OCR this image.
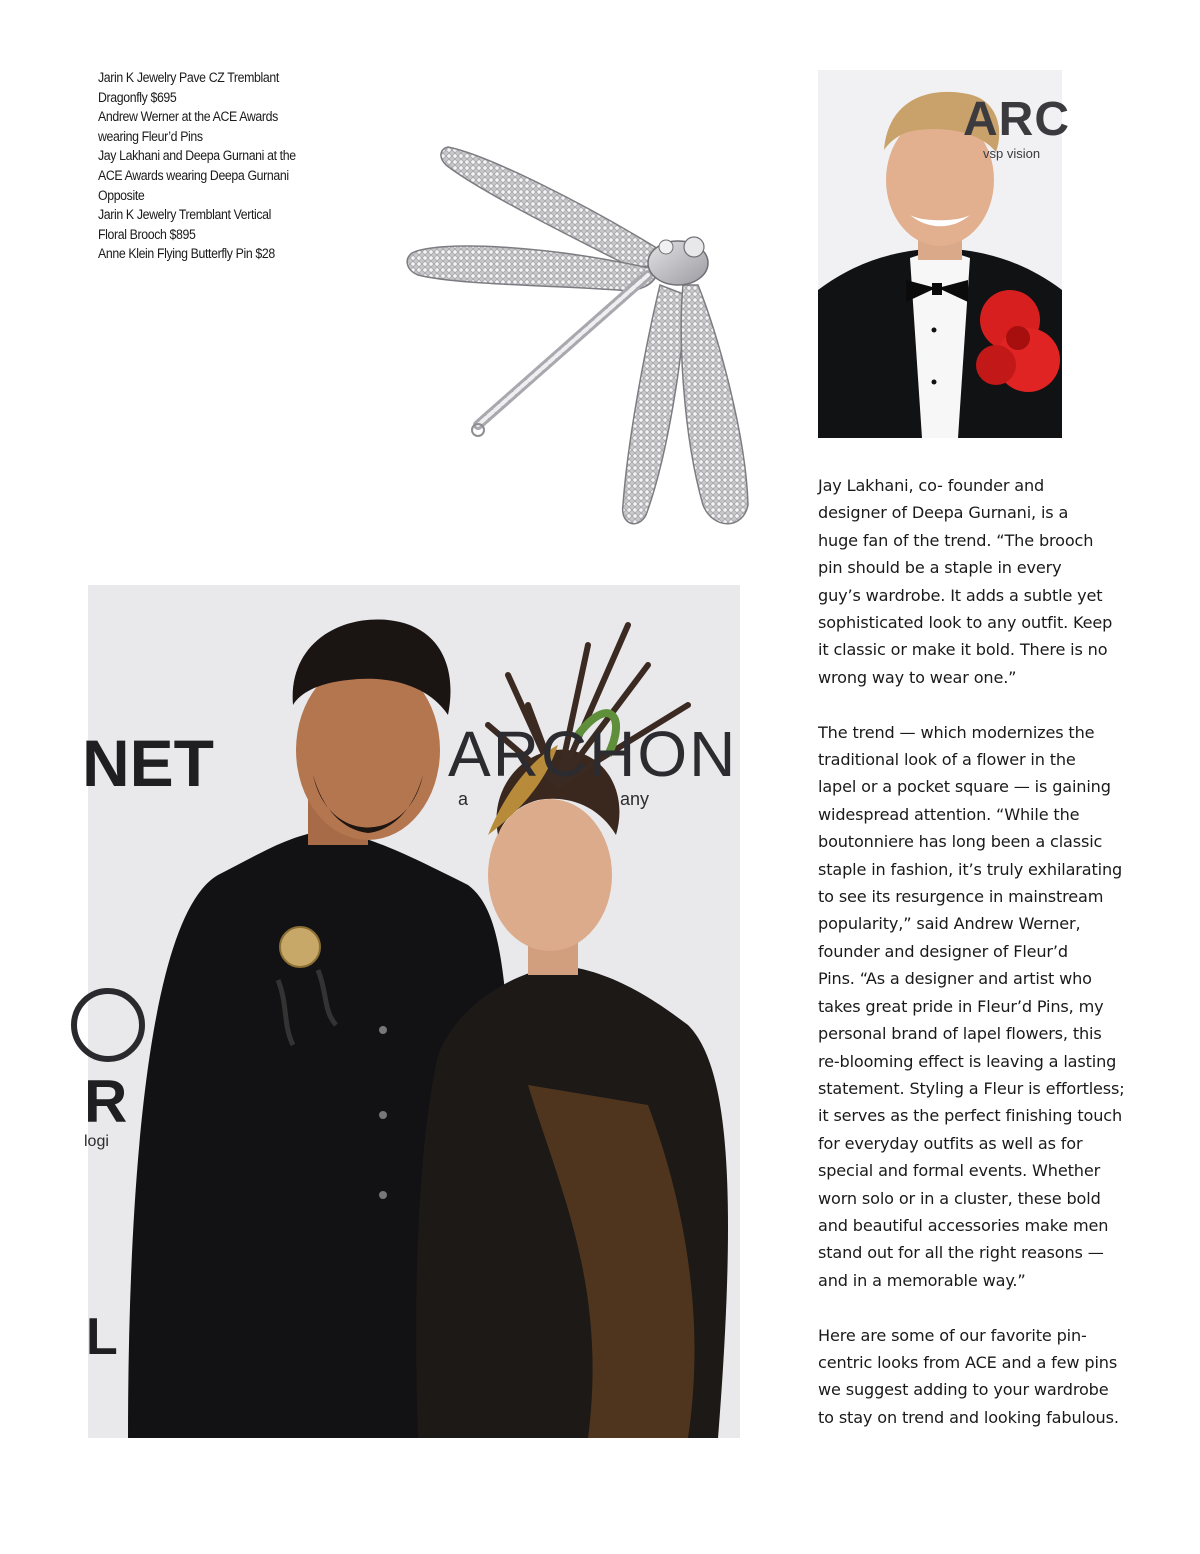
Jarin K Jewelry Pave CZ Tremblant
Dragonfly $695
Andrew Werner at the ACE Awards
wearing Fleur’d Pins
Jay Lakhani and Deepa Gurnani at the
ACE Awards wearing Deepa Gurnani
Opposite
Jarin K Jewelry Tremblant Vertical
Floral Brooch $895
Anne Klein Flying Butterfly Pin $28
ARC
vsp vision
NET	ARCHON
a	any
R
logi
L

Jay Lakhani, co- founder and
designer of Deepa Gurnani, is a
huge fan of the trend. “The brooch
pin should be a staple in every
guy’s wardrobe. It adds a subtle yet
sophisticated look to any outfit. Keep
it classic or make it bold. There is no
wrong way to wear one.”

The trend — which modernizes the
traditional look of a flower in the
lapel or a pocket square — is gaining
widespread attention. “While the
boutonniere has long been a classic
staple in fashion, it’s truly exhilarating
to see its resurgence in mainstream
popularity,” said Andrew Werner,
founder and designer of Fleur’d
Pins. “As a designer and artist who
takes great pride in Fleur’d Pins, my
personal brand of lapel flowers, this
re-blooming effect is leaving a lasting
statement. Styling a Fleur is effortless;
it serves as the perfect finishing touch
for everyday outfits as well as for
special and formal events. Whether
worn solo or in a cluster, these bold
and beautiful accessories make men
stand out for all the right reasons —
and in a memorable way.”

Here are some of our favorite pin-
centric looks from ACE and a few pins
we suggest adding to your wardrobe
to stay on trend and looking fabulous.
